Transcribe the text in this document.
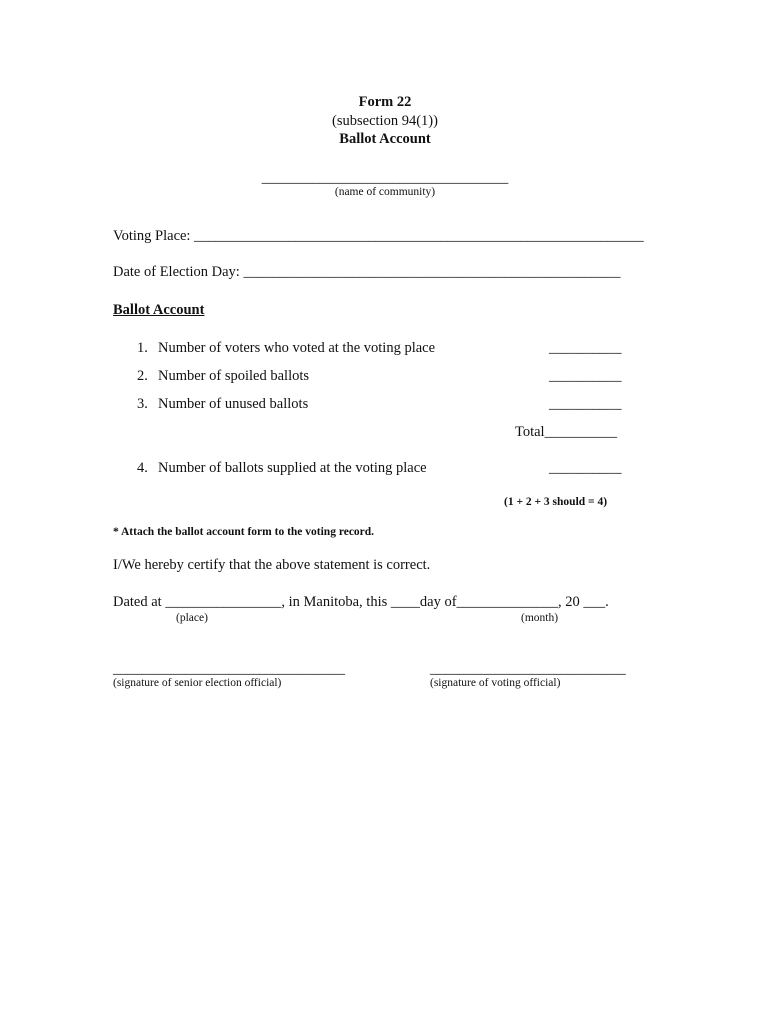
Form 22
(subsection 94(1))
Ballot Account
__________________________________
(name of community)
Voting Place: ______________________________________________________________
Date of Election Day: ____________________________________________________
Ballot Account
1. Number of voters who voted at the voting place	__________
2. Number of spoiled ballots	__________
3. Number of unused ballots	__________
Total__________
4. Number of ballots supplied at the voting place	__________
(1 + 2 + 3 should = 4)
* Attach the ballot account form to the voting record.
I/We hereby certify that the above statement is correct.
Dated at ________________, in Manitoba, this ____day of______________, 20 ___.
(place)	(month)
________________________________
(signature of senior election official)
___________________________
(signature of voting official)
